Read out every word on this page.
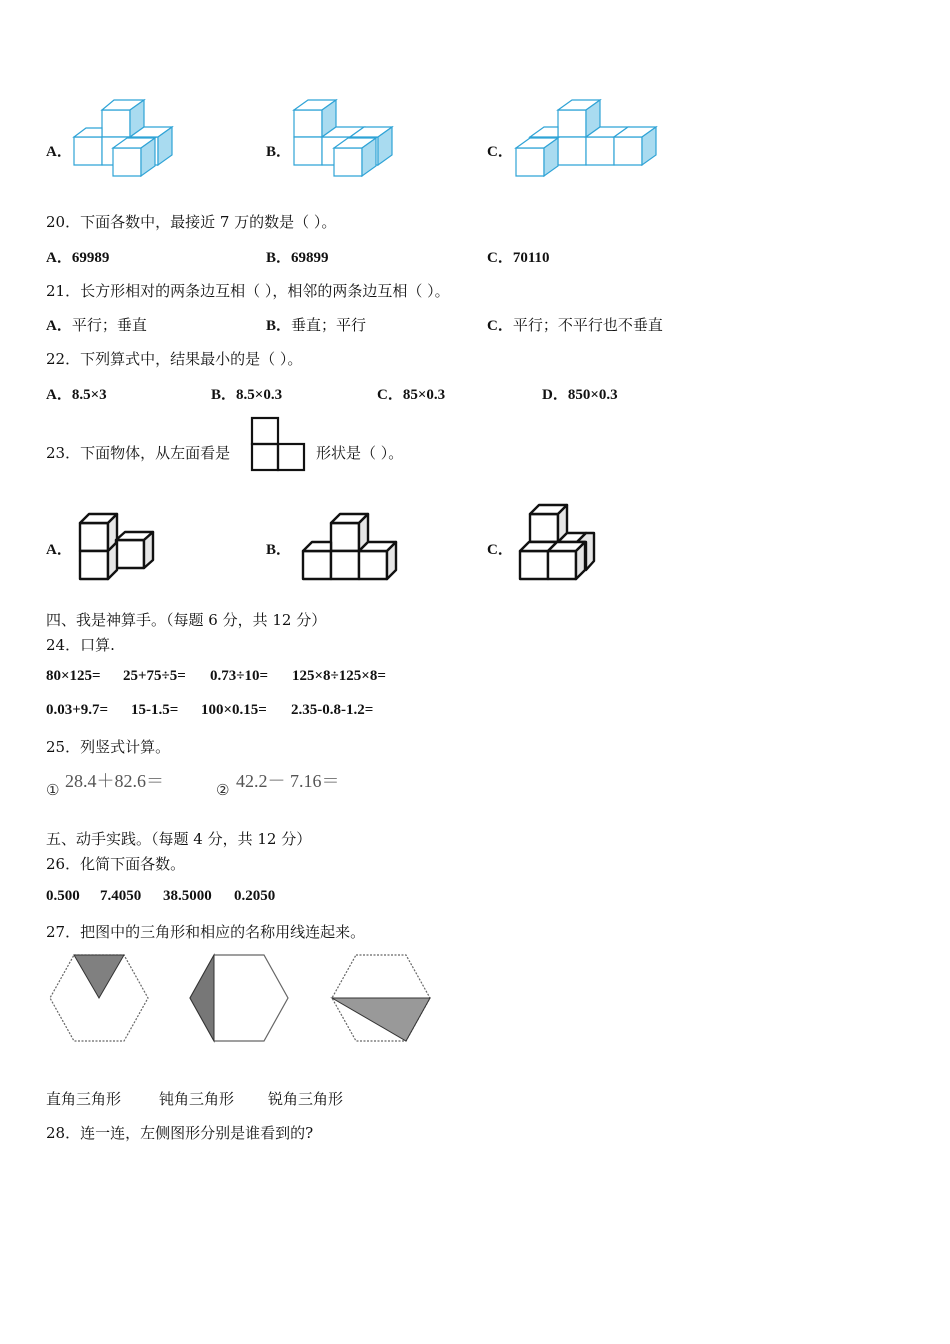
A．	B．	C．
20．下面各数中，最接近 7 万的数是（ ）。
A．69989	B．69899	C．70110
21．长方形相对的两条边互相（ ），相邻的两条边互相（ ）。
A．平行；垂直	B．垂直；平行	C．平行；不平行也不垂直
22．下列算式中，结果最小的是（ ）。
A．8.5×3	B．8.5×0.3	C．85×0.3	D．850×0.3
23．下面物体，从左面看是	形状是（ ）。
A．	B．	C．
四、我是神算手。（每题 6 分，共 12 分）
24．口算.
80×125= 25+75÷5= 0.73÷10= 125×8÷125×8=
0.03+9.7= 15-1.5= 100×0.15= 2.35-0.8-1.2=
25．列竖式计算。
① 28.4＋82.6＝	② 42.2－ 7.16＝
五、动手实践。（每题 4 分，共 12 分）
26．化简下面各数。
0.500 7.4050 38.5000 0.2050
27．把图中的三角形和相应的名称用线连起来。
直角三角形	钝角三角形 锐角三角形
28．连一连，左侧图形分别是谁看到的?
